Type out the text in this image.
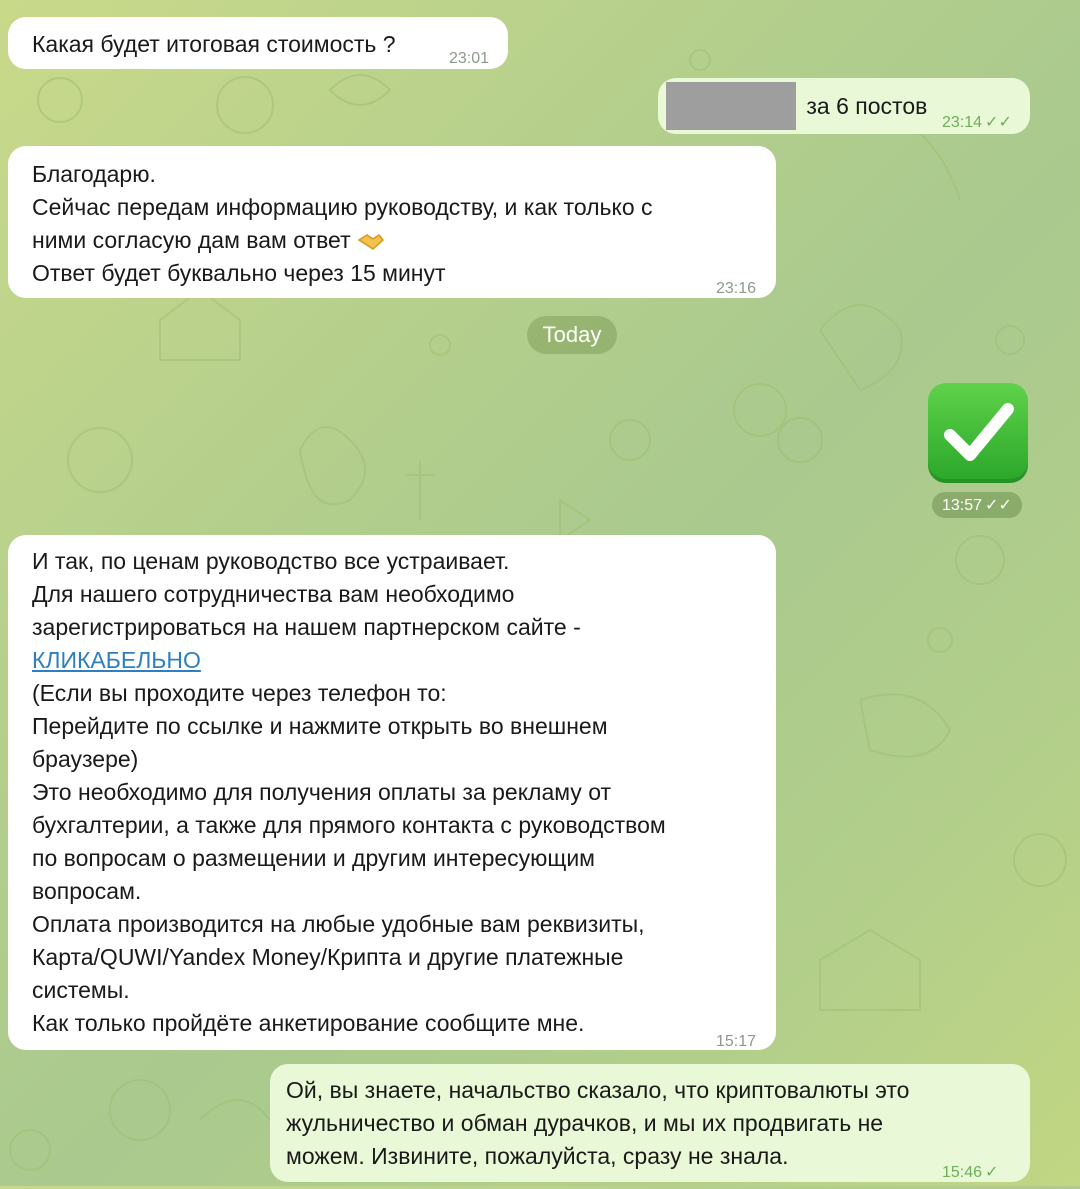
Какая будет итоговая стоимость ?
23:01
за 6 постов
23:14 ✓✓
Благодарю.
Сейчас передам информацию руководству, и как только с
ними согласую дам вам ответ
Ответ будет буквально через 15 минут
23:16
Today
13:57 ✓✓
И так, по ценам руководство все устраивает.
Для нашего сотрудничества вам необходимо
зарегистрироваться на нашем партнерском сайте -
КЛИКАБЕЛЬНО
(Если вы проходите через телефон то:
Перейдите по ссылке и нажмите открыть во внешнем
браузере)
Это необходимо для получения оплаты за рекламу от
бухгалтерии, а также для прямого контакта с руководством
по вопросам о размещении и другим интересующим
вопросам.
Оплата производится на любые удобные вам реквизиты,
Карта/QUWI/Yandex Money/Крипта и другие платежные
системы.
Как только пройдёте анкетирование сообщите мне.
15:17
Ой, вы знаете, начальство сказало, что криптовалюты это
жульничество и обман дурачков, и мы их продвигать не
можем. Извините, пожалуйста, сразу не знала.
15:46 ✓
